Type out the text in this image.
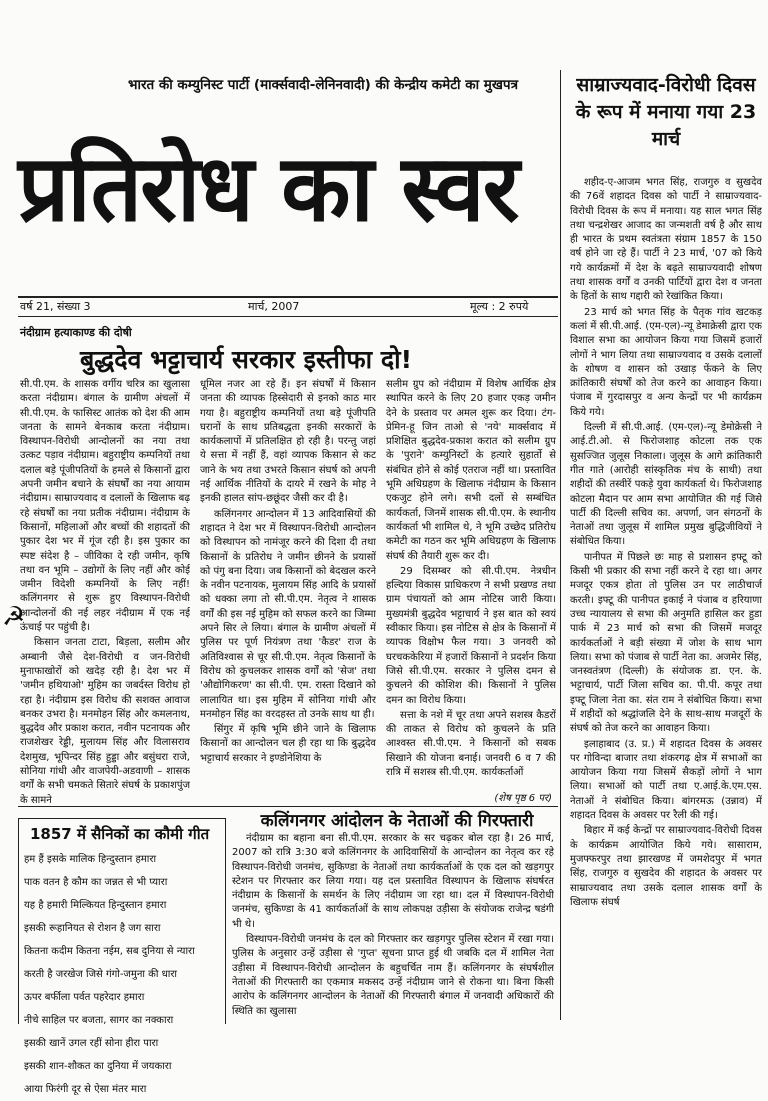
भारत की कम्युनिस्ट पार्टी (मार्क्सवादी-लेनिनवादी) की केन्द्रीय कमेटी का मुखपत्र
प्रतिरोध का स्वर
वर्ष 21, संख्या 3	मार्च, 2007	मूल्य : 2 रुपये
नंदीग्राम हत्याकाण्ड की दोषी
बुद्धदेव भट्टाचार्य सरकार इस्तीफा दो!

सी.पी.एम. के शासक वर्गीय चरित्र का खुलासा करता नंदीग्राम। बंगाल के ग्रामीण अंचलों में सी.पी.एम. के फासिस्ट आतंक को देश की आम जनता के सामने बेनकाब करता नंदीग्राम। विस्थापन-विरोधी आन्दोलनों का नया तथा उत्कट पड़ाव नंदीग्राम। बहुराष्ट्रीय कम्पनियों तथा दलाल बड़े पूंजीपतियों के हमले से किसानों द्वारा अपनी जमीन बचाने के संघर्षों का नया आयाम नंदीग्राम। साम्राज्यवाद व दलालों के खिलाफ बढ़ रहे संघर्षों का नया प्रतीक नंदीग्राम। नंदीग्राम के किसानों, महिलाओं और बच्चों की शहादतों की पुकार देश भर में गूंज रही है। इस पुकार का स्पष्ट संदेश है – जीविका दे रही जमीन, कृषि तथा वन भूमि – उद्योगों के लिए नहीं और कोई जमीन विदेशी कम्पनियों के लिए नहीं! कलिंगनगर से शुरू हुए विस्थापन-विरोधी आन्दोलनों की नई लहर नंदीग्राम में एक नई ऊंचाई पर पहुंची है।

किसान जनता टाटा, बिड़ला, सलीम और अम्बानी जैसे देश-विरोधी व जन-विरोधी मुनाफाखोरों को खदेड़ रही है। देश भर में 'जमीन हथियाओ' मुहिम का जबर्दस्त विरोध हो रहा है। नंदीग्राम इस विरोध की सशक्त आवाज बनकर उभरा है। मनमोहन सिंह और कमलनाथ, बुद्धदेव और प्रकाश करात, नवीन पटनायक और राजशेखर रेड्डी, मुलायम सिंह और विलासराव देशमुख, भूपिन्दर सिंह हुड्डा और बसुंधरा राजे, सोनिया गांधी और वाजपेयी-अडवाणी – शासक वर्गों के सभी चमकते सितारे संघर्ष के प्रकाशपुंज के सामने

☭

धूमिल नजर आ रहे हैं। इन संघर्षों में किसान जनता की व्यापक हिस्सेदारी से इनको काठ मार गया है। बहुराष्ट्रीय कम्पनियों तथा बड़े पूंजीपति घरानों के साथ प्रतिबद्धता इनकी सरकारों के कार्यकलापों में प्रतिलक्षित हो रही है। परन्तु जहां ये सत्ता में नहीं हैं, वहां व्यापक किसान से कट जाने के भय तथा उभरते किसान संघर्ष को अपनी नई आर्थिक नीतियों के दायरे में रखने के मोह ने इनकी हालत सांप-छछूंदर जैसी कर दी है।

कलिंगनगर आन्दोलन में 13 आदिवासियों की शहादत ने देश भर में विस्थापन-विरोधी आन्दोलन को विस्थापन को नामंजूर करने की दिशा दी तथा किसानों के प्रतिरोध ने जमीन छीनने के प्रयासों को पंगु बना दिया। जब किसानों को बेदखल करने के नवीन पटनायक, मुलायम सिंह आदि के प्रयासों को धक्का लगा तो सी.पी.एम. नेतृत्व ने शासक वर्गों की इस नई मुहिम को सफल करने का जिम्मा अपने सिर ले लिया। बंगाल के ग्रामीण अंचलों में पुलिस पर पूर्ण नियंत्रण तथा 'कैडर' राज के अतिविश्वास से चूर सी.पी.एम. नेतृत्व किसानों के विरोध को कुचलकर शासक वर्गों को 'सेज' तथा 'औद्योगिकरण' का सी.पी. एम. रास्ता दिखाने को लालायित था। इस मुहिम में सोनिया गांधी और मनमोहन सिंह का वरदहस्त तो उनके साथ था ही।

सिंगुर में कृषि भूमि छीने जाने के खिलाफ किसानों का आन्दोलन चल ही रहा था कि बुद्धदेव भट्टाचार्य सरकार ने इण्डोनेशिया के

सलीम ग्रुप को नंदीग्राम में विशेष आर्थिक क्षेत्र स्थापित करने के लिए 20 हजार एकड़ जमीन देने के प्रस्ताव पर अमल शुरू कर दिया। टंग-प्रेमिन-हू जिन ताओ से 'नये' मार्क्सवाद में प्रशिक्षित बुद्धदेव-प्रकाश करात को सलीम ग्रुप के 'पुराने' कम्युनिस्टों के हत्यारे सुहार्तो से संबंधित होने से कोई एतराज नहीं था। प्रस्तावित भूमि अधिग्रहण के खिलाफ नंदीग्राम के किसान एकजुट होने लगे। सभी दलों से सम्बंधित कार्यकर्ता, जिनमें शासक सी.पी.एम. के स्थानीय कार्यकर्ता भी शामिल थे, ने भूमि उच्छेद प्रतिरोध कमेटी का गठन कर भूमि अधिग्रहण के खिलाफ संघर्ष की तैयारी शुरू कर दी।

29 दिसम्बर को सी.पी.एम. नेत्रधीन हल्दिया विकास प्राधिकरण ने सभी प्रखण्ड तथा ग्राम पंचायतों को आम नोटिस जारी किया। मुख्यमंत्री बुद्धदेव भट्टाचार्य ने इस बात को स्वयं स्वीकार किया। इस नोटिस से क्षेत्र के किसानों में व्यापक विक्षोभ फैल गया। 3 जनवरी को घरचककेरिया में हजारों किसानों ने प्रदर्शन किया जिसे सी.पी.एम. सरकार ने पुलिस दमन से कुचलने की कोशिश की। किसानों ने पुलिस दमन का विरोध किया।

सत्ता के नशे में चूर तथा अपने सशस्त्र कैडरों की ताकत से विरोध को कुचलने के प्रति आश्वस्त सी.पी.एम. ने किसानों को सबक सिखाने की योजना बनाई। जनवरी 6 व 7 की रात्रि में सशस्त्र सी.पी.एम. कार्यकर्ताओं

(शेष पृष्ठ 6 पर)
1857 में सैनिकों का कौमी गीत
हम हैं इसके मालिक हिन्दुस्तान हमारा
पाक वतन है कौम का जन्नत से भी प्यारा
यह है हमारी मिल्कियत हिन्दुस्तान हमारा
इसकी रूहानियत से रोशन है जग सारा
कितना कदीम कितना नईम, सब दुनिया से न्यारा
करती है जरखेज जिसे गंगो-जमुना की धारा
ऊपर बर्फीला पर्वत पहरेदार हमारा
नीचे साहिल पर बजता, सागर का नक्कारा
इसकी खानें उगल रहीं सोना हीरा पारा
इसकी शान-शौकत का दुनिया में जयकारा
आया फिरंगी दूर से ऐसा मंतर मारा
कलिंगनगर आंदोलन के नेताओं की गिरफ्तारी

नंदीग्राम का बहाना बना सी.पी.एम. सरकार के सर चढ़कर बोल रहा है। 26 मार्च, 2007 को रात्रि 3:30 बजे कलिंगनगर के आदिवासियों के आन्दोलन का नेतृत्व कर रहे विस्थापन-विरोधी जनमंच, सुकिण्डा के नेताओं तथा कार्यकर्ताओं के एक दल को खड़गपुर स्टेशन पर गिरफ्तार कर लिया गया। यह दल प्रस्तावित विस्थापन के खिलाफ संघर्षरत नंदीग्राम के किसानों के समर्थन के लिए नंदीग्राम जा रहा था। दल में विस्थापन-विरोधी जनमंच, सुकिण्डा के 41 कार्यकर्ताओं के साथ लोकपक्ष उड़ीसा के संयोजक राजेन्द्र षडंगी भी थे।

विस्थापन-विरोधी जनमंच के दल को गिरफ्तार कर खड़गपुर पुलिस स्टेशन में रखा गया। पुलिस के अनुसार उन्हें उड़ीसा से 'गुप्त' सूचना प्राप्त हुई थी जबकि दल में शामिल नेता उड़ीसा में विस्थापन-विरोधी आन्दोलन के बहुचर्चित नाम हैं। कलिंगनगर के संघर्षशील नेताओं की गिरफ्तारी का एकमात्र मकसद उन्हें नंदीग्राम जाने से रोकना था। बिना किसी आरोप के कलिंगनगर आन्दोलन के नेताओं की गिरफ्तारी बंगाल में जनवादी अधिकारों की स्थिति का खुलासा

साम्राज्यवाद-विरोधी दिवस के रूप में मनाया गया 23 मार्च

शहीद-ए-आजम भगत सिंह, राजगुरु व सुखदेव की 76वें शहादत दिवस को पार्टी ने साम्राज्यवाद-विरोधी दिवस के रूप में मनाया। यह साल भगत सिंह तथा चन्द्रशेखर आजाद का जन्मशती वर्ष है और साथ ही भारत के प्रथम स्वतंत्रता संग्राम 1857 के 150 वर्ष होने जा रहे हैं। पार्टी ने 23 मार्च, '07 को किये गये कार्यक्रमों में देश के बढ़ते साम्राज्यवादी शोषण तथा शासक वर्गों व उनकी पार्टियों द्वारा देश व जनता के हितों के साथ गद्दारी को रेखांकित किया।

23 मार्च को भगत सिंह के पैतृक गांव खटकड़ कलां में सी.पी.आई. (एम-एल)-न्यू डेमाक्रेसी द्वारा एक विशाल सभा का आयोजन किया गया जिसमें हजारों लोगों ने भाग लिया तथा साम्राज्यवाद व उसके दलालों के शोषण व शासन को उखाड़ फेंकने के लिए क्रांतिकारी संघर्षों को तेज करने का आवाहन किया। पंजाब में गुरदासपुर व अन्य केन्द्रों पर भी कार्यक्रम किये गये।

दिल्ली में सी.पी.आई. (एम-एल)-न्यू डेमोक्रेसी ने आई.टी.ओ. से फिरोजशाह कोटला तक एक सुसज्जित जुलूस निकाला। जुलूस के आगे क्रांतिकारी गीत गाते (आरोही सांस्कृतिक मंच के साथी) तथा शहीदों की तस्वीरें पकड़े युवा कार्यकर्ता थे। फिरोजशाह कोटला मैदान पर आम सभा आयोजित की गई जिसे पार्टी की दिल्ली सचिव का. अपर्णा, जन संगठनों के नेताओं तथा जुलूस में शामिल प्रमुख बुद्धिजीवियों ने संबोधित किया।

पानीपत में पिछले छः माह से प्रशासन इफ्टू को किसी भी प्रकार की सभा नहीं करने दे रहा था। अगर मजदूर एकत्र होता तो पुलिस उन पर लाठीचार्ज करती। इफ्टू की पानीपत इकाई ने पंजाब व हरियाणा उच्च न्यायालय से सभा की अनुमति हासिल कर हुडा पार्क में 23 मार्च को सभा की जिसमें मजदूर कार्यकर्ताओं ने बड़ी संख्या में जोश के साथ भाग लिया। सभा को पंजाब से पार्टी नेता का. अजमेर सिंह, जनस्वतंत्रण (दिल्ली) के संयोजक डा. एन. के. भट्टाचार्य, पार्टी जिला सचिव का. पी.पी. कपूर तथा इफ्टू जिला नेता का. संत राम ने संबोधित किया। सभा में शहीदों को श्रद्धांजलि देने के साथ-साथ मजदूरों के संघर्ष को तेज करने का आवाहन किया।

इलाहाबाद (उ. प्र.) में शहादत दिवस के अवसर पर गोविन्दा बाजार तथा शंकरगढ़ क्षेत्र में सभाओं का आयोजन किया गया जिसमें सैकड़ों लोगों ने भाग लिया। सभाओं को पार्टी तथा ए.आई.के.एम.एस. नेताओं ने संबोधित किया। बांगरमऊ (उन्नाव) में शहादत दिवस के अवसर पर रैली की गई।

बिहार में कई केन्द्रों पर साम्राज्यवाद-विरोधी दिवस के कार्यक्रम आयोजित किये गये। सासाराम, मुजफ्फरपुर तथा झारखण्ड में जमशेदपुर में भगत सिंह, राजगुरु व सुखदेव की शहादत के अवसर पर साम्राज्यवाद तथा उसके दलाल शासक वर्गों के खिलाफ संघर्ष
